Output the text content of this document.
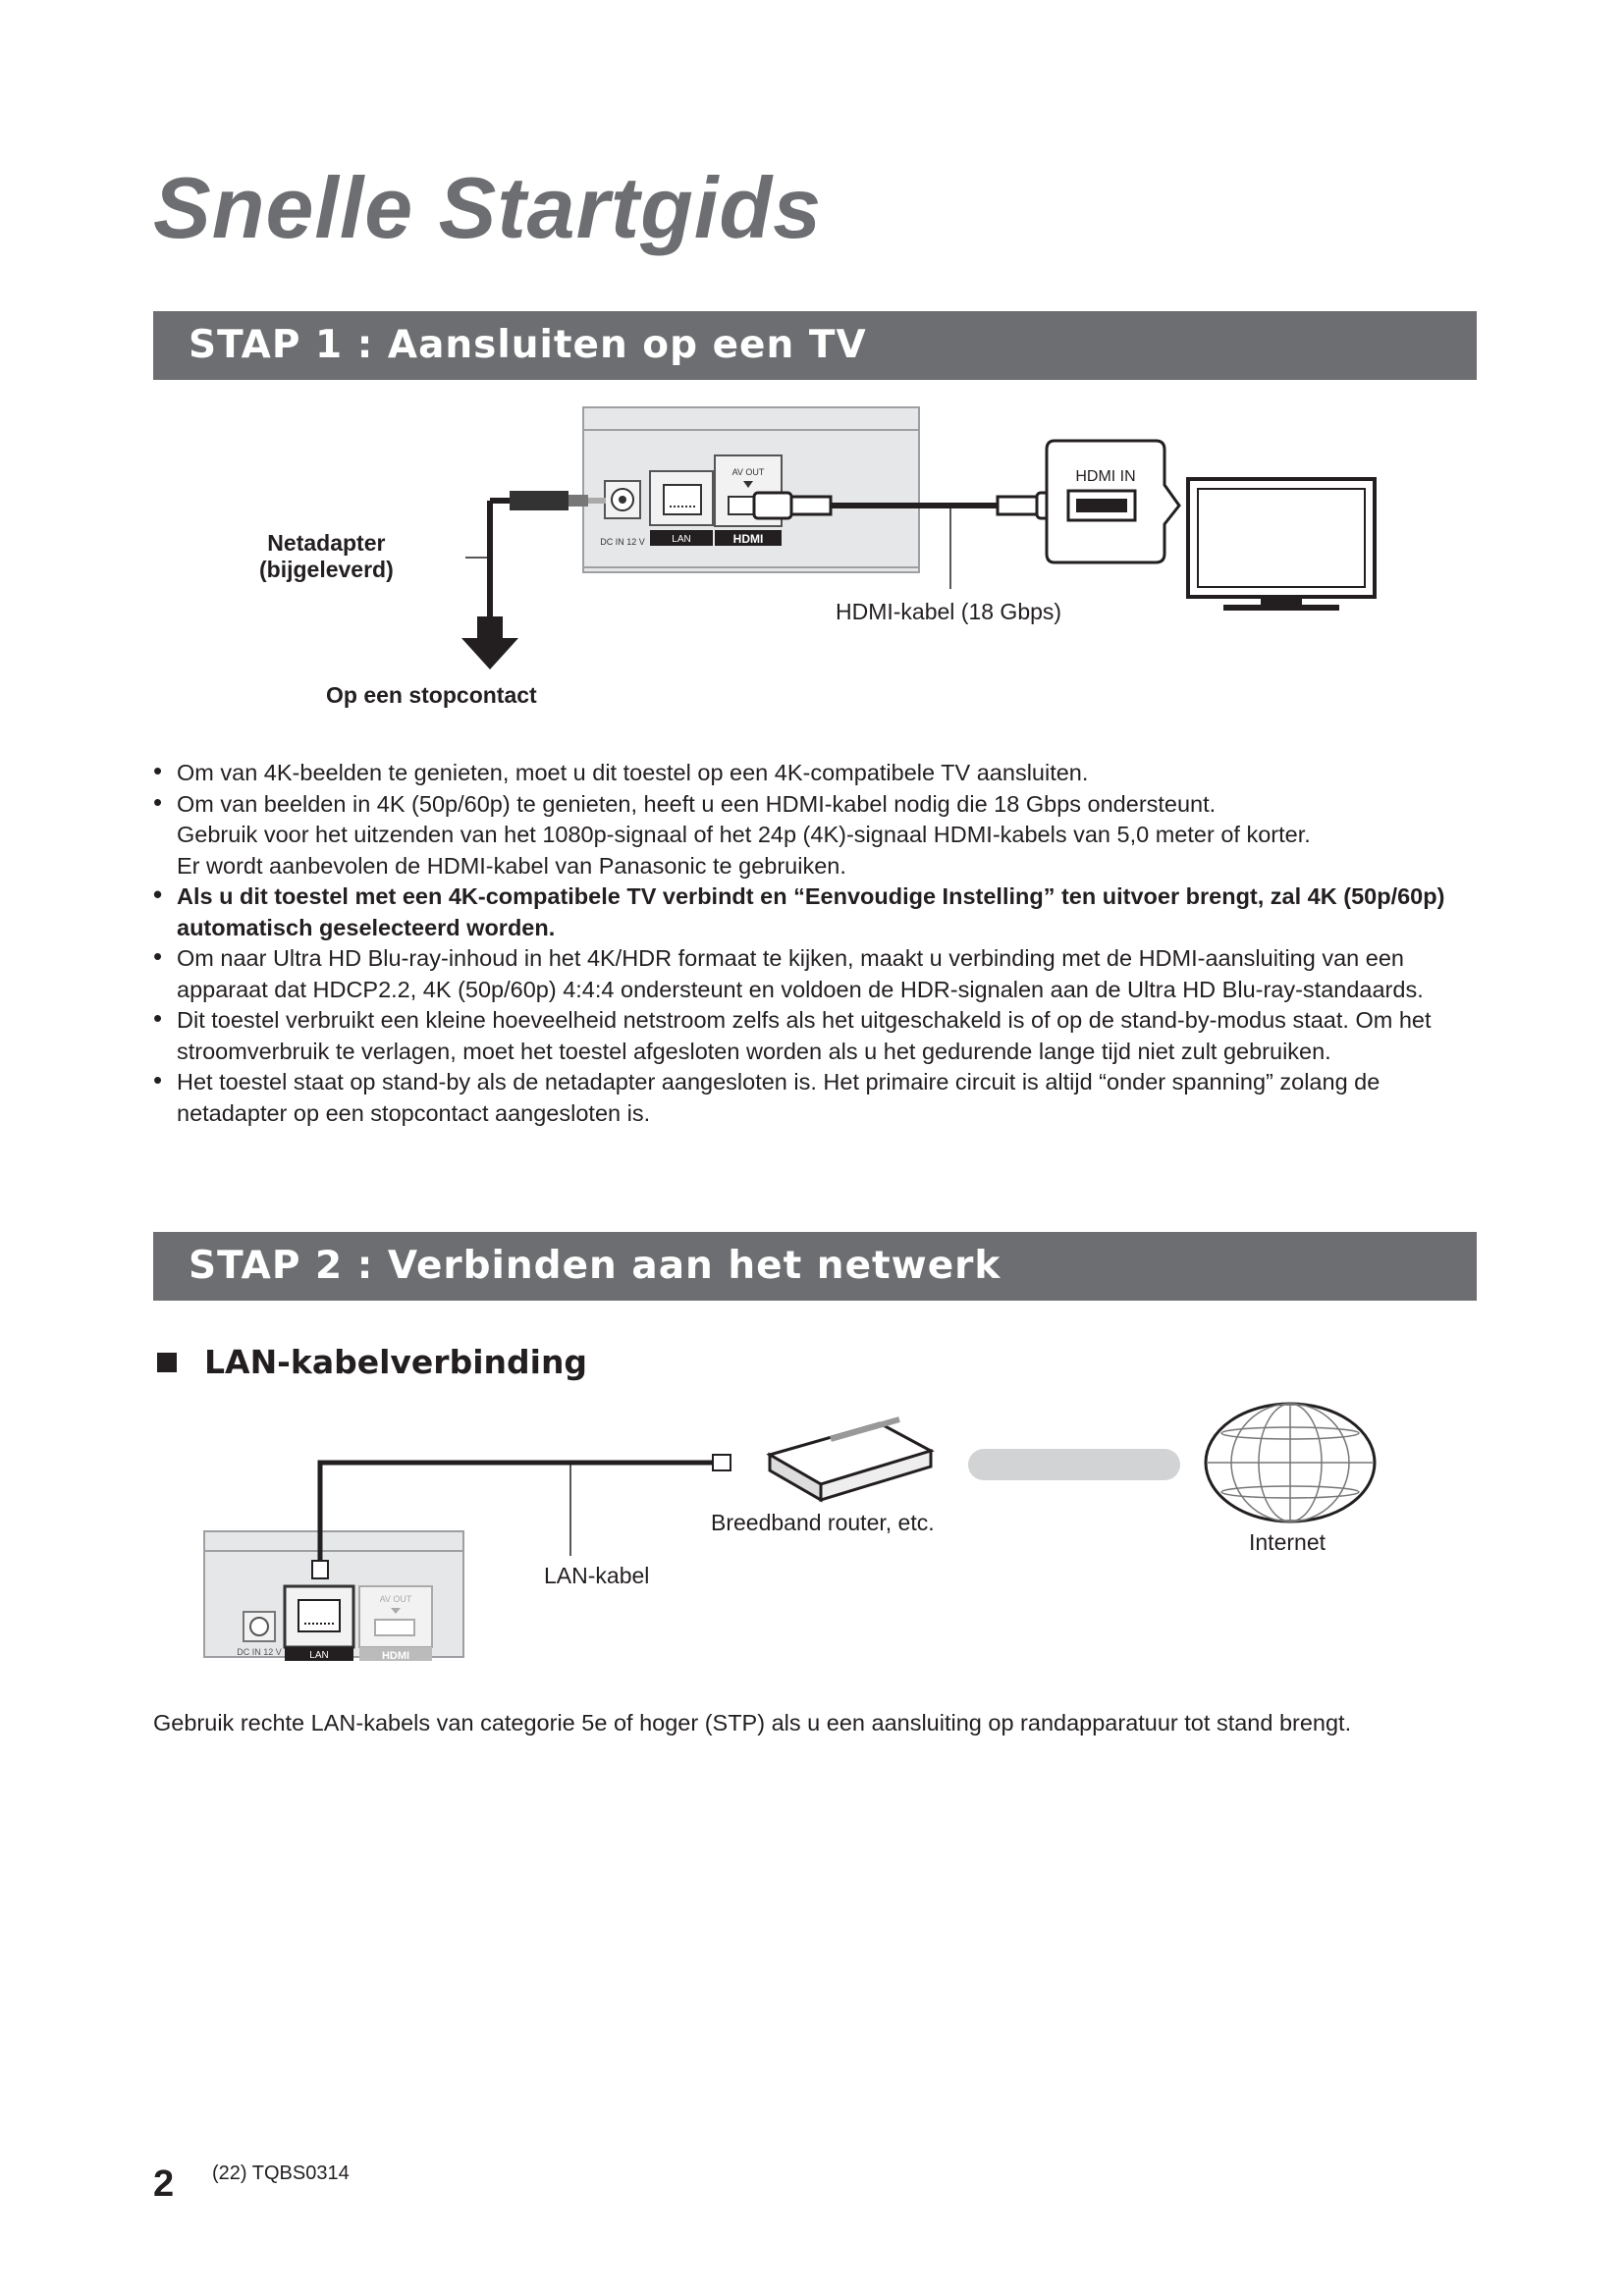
Snelle Startgids
STAP 1 : Aansluiten op een TV
DC IN 12 V	LAN
AV OUT
HDMI
HDMI IN
Netadapter
(bijgeleverd)
HDMI-kabel (18 Gbps)
Op een stopcontact
• Om van 4K-beelden te genieten, moet u dit toestel op een 4K-compatibele TV aansluiten.
• Om van beelden in 4K (50p/60p) te genieten, heeft u een HDMI-kabel nodig die 18 Gbps ondersteunt.
Gebruik voor het uitzenden van het 1080p-signaal of het 24p (4K)-signaal HDMI-kabels van 5,0 meter of korter.
Er wordt aanbevolen de HDMI-kabel van Panasonic te gebruiken.
• Als u dit toestel met een 4K-compatibele TV verbindt en “Eenvoudige Instelling” ten uitvoer brengt, zal 4K (50p/60p) automatisch geselecteerd worden.
• Om naar Ultra HD Blu-ray-inhoud in het 4K/HDR formaat te kijken, maakt u verbinding met de HDMI-aansluiting van een apparaat dat HDCP2.2, 4K (50p/60p) 4:4:4 ondersteunt en voldoen de HDR-signalen aan de Ultra HD Blu-ray-standaards.
• Dit toestel verbruikt een kleine hoeveelheid netstroom zelfs als het uitgeschakeld is of op de stand-by-modus staat. Om het stroomverbruik te verlagen, moet het toestel afgesloten worden als u het gedurende lange tijd niet zult gebruiken.
• Het toestel staat op stand-by als de netadapter aangesloten is. Het primaire circuit is altijd “onder spanning” zolang de netadapter op een stopcontact aangesloten is.
STAP 2 : Verbinden aan het netwerk
LAN-kabelverbinding
DC IN 12 V	LAN
AV OUT
HDMI
Breedband router, etc.
LAN-kabel
Internet
Gebruik rechte LAN-kabels van categorie 5e of hoger (STP) als u een aansluiting op randapparatuur tot stand brengt.
2 (22) TQBS0314
